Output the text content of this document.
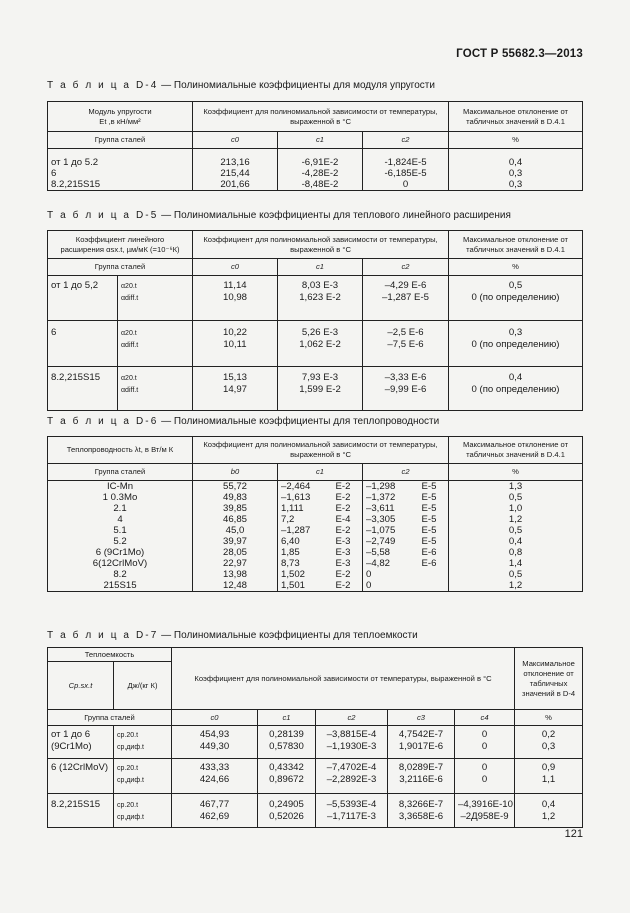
ГОСТ Р 55682.3—2013
Т а б л и ц а D-4 — Полиномиальные коэффициенты для модуля упругости
Модуль упругости
Et ,в кН/мм²	Коэффициент для полиномиальной зависимости от температуры, выраженной в °С			Максимальное отклонение от табличных значений в D.4.1
Группа сталей	c0	c1	c2	%

от 1 до 5.2	213,16	-6,91E-2	-1,824E-5	0,4
6	215,44	-4,28E-2	-6,185E-5	0,3
8.2,215S15	201,66	-8,48E-2	0	0,3
Т а б л и ц а D-5 — Полиномиальные коэффициенты для теплового линейного расширения
Коэффициент линейного
расширения αsx.t, µм/мК (=10⁻⁶К)		Коэффициент для полиномиальной зависимости от температуры, выраженной в °С			Максимальное отклонение от табличных значений в D.4.1
Группа сталей		c0	c1	c2	%
от 1 до 5,2	α20.t	11,14	8,03 E-3	–4,29 E-6	0,5
	αdiff.t	10,98	1,623 E-2	–1,287 E-5	0 (по определению)
6	α20.t	10,22	5,26 E-3	–2,5 E-6	0,3
	αdiff.t	10,11	1,062 E-2	–7,5 E-6	0 (по определению)
8.2,215S15	α20.t	15,13	7,93 E-3	–3,33 E-6	0,4
	αdiff.t	14,97	1,599 E-2	–9,99 E-6	0 (по определению)
Т а б л и ц а D-6 — Полиномиальные коэффициенты для теплопроводности
Теплопроводность λt, в Вт/м К	Коэффициент для полиномиальной зависимости от температуры, выраженной в °С					Максимальное отклонение от табличных значений в D.4.1
Группа сталей	b0	c1		c2		%
IC-Mn	55,72	–2,464	E-2	–1,298	E-5	1,3
1 0.3Mo	49,83	–1,613	E-2	–1,372	E-5	0,5
2.1	39,85	1,111	E-2	–3,611	E-5	1,0
4	46,85	7,2	E-4	–3,305	E-5	1,2
5.1	45,0	–1,287	E-2	–1,075	E-5	0,5
5.2	39,97	6,40	E-3	–2,749	E-5	0,4
6 (9Cr1Mo)	28,05	1,85	E-3	–5,58	E-6	0,8
6(12CrlMoV)	22,97	8,73	E-3	–4,82	E-6	1,4
8.2	13,98	1,502	E-2	0		0,5
215S15	12,48	1,501	E-2	0		1,2
Т а б л и ц а D-7 — Полиномиальные коэффициенты для теплоемкости
Теплоемкость		Коэффициент для полиномиальной зависимости от температуры, выраженной в °С					Максимальное отклонение от табличных значений в D-4
Cp.sx.t	Дж/(кг К)						
Группа сталей		c0	c1	c2	c3	c4	%
от 1 до 6	cp.20.t	454,93	0,28139	–3,8815E-4	4,7542E-7	0	0,2
(9Cr1Mo)	cp,диф.t	449,30	0,57830	–1,1930E-3	1,9017E-6	0	0,3
6 (12CrlMoV)	cp.20.t	433,33	0,43342	–7,4702E-4	8,0289E-7	0	0,9
	cp,диф.t	424,66	0,89672	–2,2892E-3	3,2116E-6	0	1,1
8.2,215S15	cp.20.t	467,77	0,24905	–5,5393E-4	8,3266E-7	–4,3916E-10	0,4
	cp,диф.t	462,69	0,52026	–1,7117E-3	3,3658E-6	–2Д958Е-9	1,2
121
